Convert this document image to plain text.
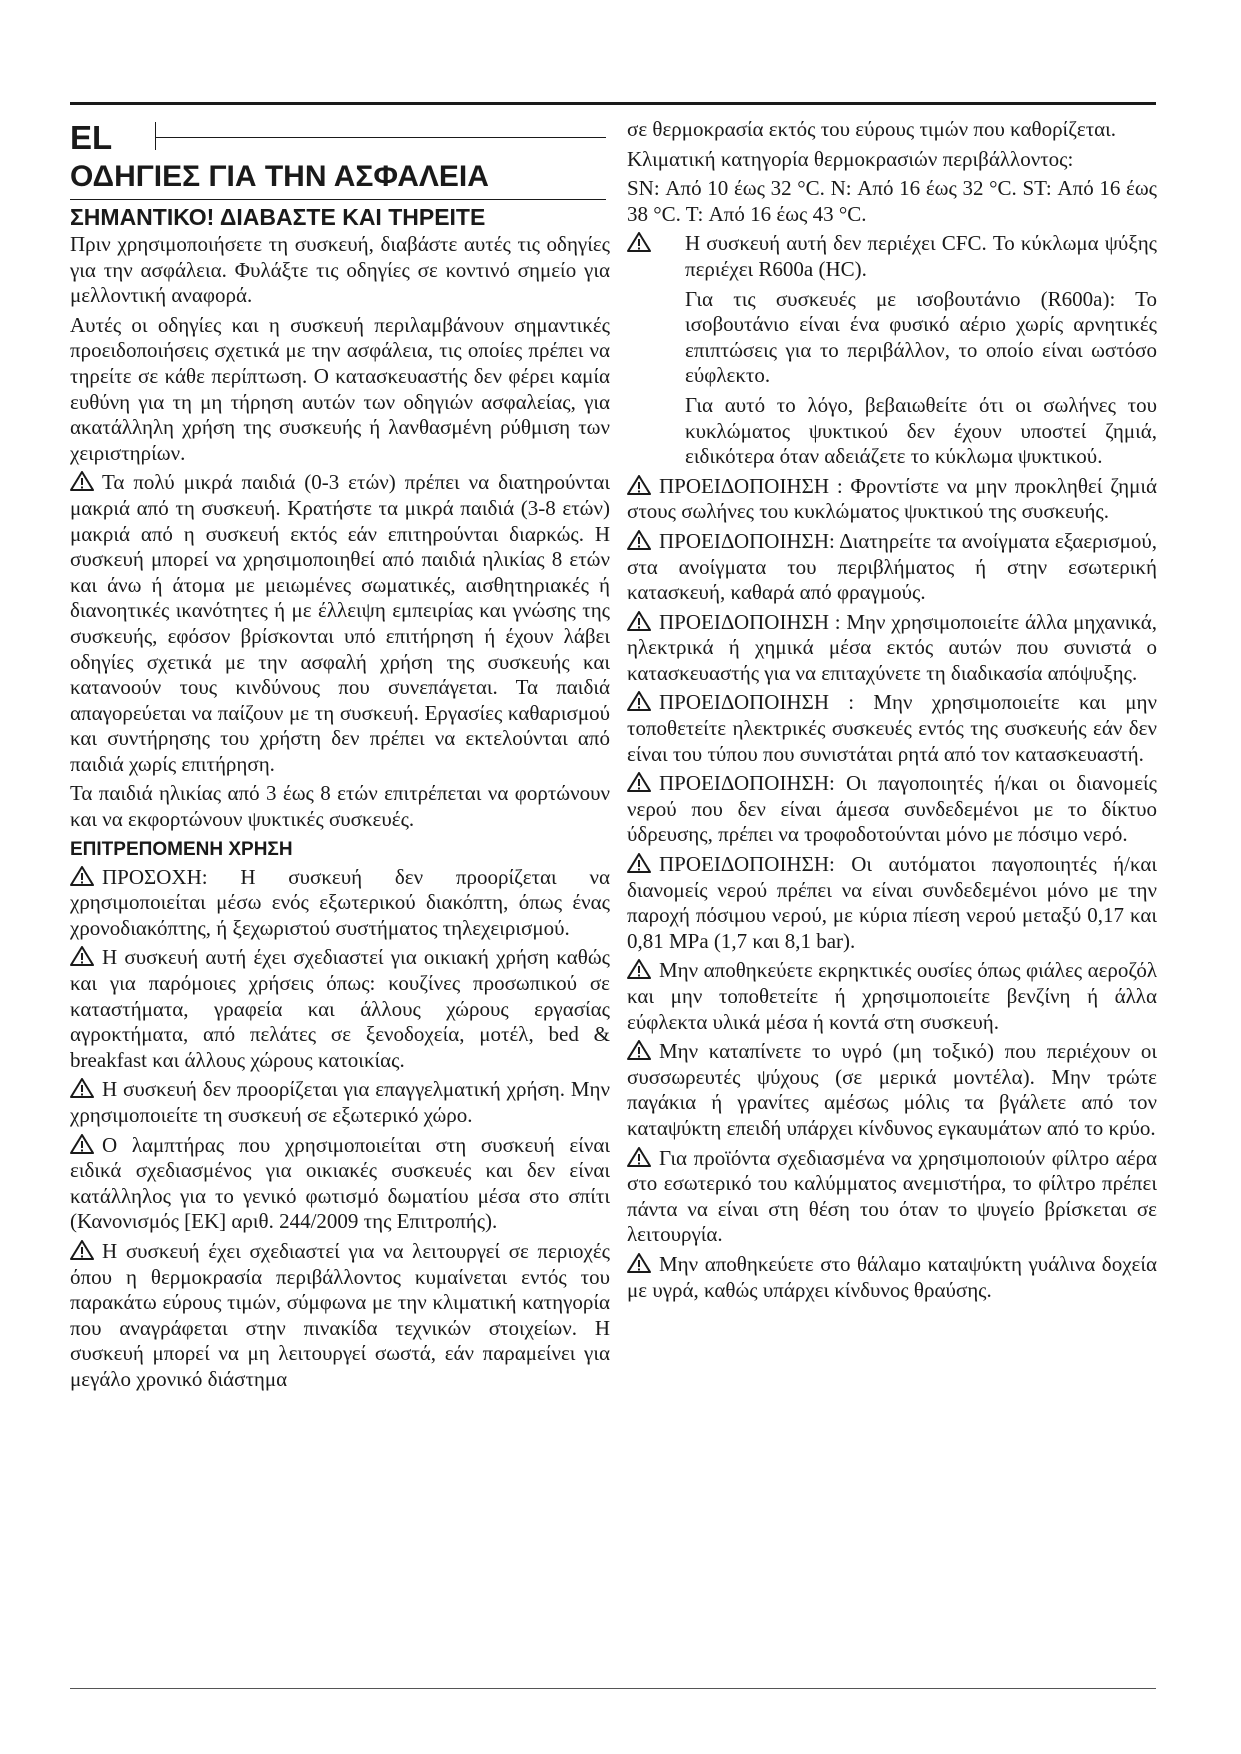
EL
ΟΔΗΓΙΕΣ ΓΙΑ ΤΗΝ ΑΣΦΑΛΕΙΑ
ΣΗΜΑΝΤΙΚΟ! ΔΙΑΒΑΣΤΕ ΚΑΙ ΤΗΡΕΙΤΕ

Πριν χρησιμοποιήσετε τη συσκευή, διαβάστε αυτές τις οδηγίες για την ασφάλεια. Φυλάξτε τις οδηγίες σε κοντινό σημείο για μελλοντική αναφορά.

Αυτές οι οδηγίες και η συσκευή περιλαμβάνουν σημαντικές προειδοποιήσεις σχετικά με την ασφάλεια, τις οποίες πρέπει να τηρείτε σε κάθε περίπτωση. Ο κατασκευαστής δεν φέρει καμία ευθύνη για τη μη τήρηση αυτών των οδηγιών ασφαλείας, για ακατάλληλη χρήση της συσκευής ή λανθασμένη ρύθμιση των χειριστηρίων.

Τα πολύ μικρά παιδιά (0-3 ετών) πρέπει να διατηρούνται μακριά από τη συσκευή. Κρατήστε τα μικρά παιδιά (3-8 ετών) μακριά από η συσκευή εκτός εάν επιτηρούνται διαρκώς. Η συσκευή μπορεί να χρησιμοποιηθεί από παιδιά ηλικίας 8 ετών και άνω ή άτομα με μειωμένες σωματικές, αισθητηριακές ή διανοητικές ικανότητες ή με έλλειψη εμπειρίας και γνώσης της συσκευής, εφόσον βρίσκονται υπό επιτήρηση ή έχουν λάβει οδηγίες σχετικά με την ασφαλή χρήση της συσκευής και κατανοούν τους κινδύνους που συνεπάγεται. Τα παιδιά απαγορεύεται να παίζουν με τη συσκευή. Εργασίες καθαρισμού και συντήρησης του χρήστη δεν πρέπει να εκτελούνται από παιδιά χωρίς επιτήρηση.

Τα παιδιά ηλικίας από 3 έως 8 ετών επιτρέπεται να φορτώνουν και να εκφορτώνουν ψυκτικές συσκευές.

ΕΠΙΤΡΕΠΟΜΕΝΗ ΧΡΗΣΗ

ΠΡΟΣΟΧΗ: Η συσκευή δεν προορίζεται να χρησιμοποιείται μέσω ενός εξωτερικού διακόπτη, όπως ένας χρονοδιακόπτης, ή ξεχωριστού συστήματος τηλεχειρισμού.

Η συσκευή αυτή έχει σχεδιαστεί για οικιακή χρήση καθώς και για παρόμοιες χρήσεις όπως: κουζίνες προσωπικού σε καταστήματα, γραφεία και άλλους χώρους εργασίας αγροκτήματα, από πελάτες σε ξενοδοχεία, μοτέλ, bed & breakfast και άλλους χώρους κατοικίας.

Η συσκευή δεν προορίζεται για επαγγελματική χρήση. Μην χρησιμοποιείτε τη συσκευή σε εξωτερικό χώρο.

Ο λαμπτήρας που χρησιμοποιείται στη συσκευή είναι ειδικά σχεδιασμένος για οικιακές συσκευές και δεν είναι κατάλληλος για το γενικό φωτισμό δωματίου μέσα στο σπίτι (Κανονισμός [ΕΚ] αριθ. 244/2009 της Επιτροπής).

Η συσκευή έχει σχεδιαστεί για να λειτουργεί σε περιοχές όπου η θερμοκρασία περιβάλλοντος κυμαίνεται εντός του παρακάτω εύρους τιμών, σύμφωνα με την κλιματική κατηγορία που αναγράφεται στην πινακίδα τεχνικών στοιχείων. Η συσκευή μπορεί να μη λειτουργεί σωστά, εάν παραμείνει για μεγάλο χρονικό διάστημα

σε θερμοκρασία εκτός του εύρους τιμών που καθορίζεται.

Κλιματική κατηγορία θερμοκρασιών περιβάλλοντος:

SN: Από 10 έως 32 °C. N: Από 16 έως 32 °C. ST: Από 16 έως 38 °C. T: Από 16 έως 43 °C.

Η συσκευή αυτή δεν περιέχει CFC. Το κύκλωμα ψύξης περιέχει R600a (HC).

Για τις συσκευές με ισοβουτάνιο (R600a): Το ισοβουτάνιο είναι ένα φυσικό αέριο χωρίς αρνητικές επιπτώσεις για το περιβάλλον, το οποίο είναι ωστόσο εύφλεκτο.

Για αυτό το λόγο, βεβαιωθείτε ότι οι σωλήνες του κυκλώματος ψυκτικού δεν έχουν υποστεί ζημιά, ειδικότερα όταν αδειάζετε το κύκλωμα ψυκτικού.

ΠΡΟΕΙΔΟΠΟΙΗΣΗ : Φροντίστε να μην προκληθεί ζημιά στους σωλήνες του κυκλώματος ψυκτικού της συσκευής.

ΠΡΟΕΙΔΟΠΟΙΗΣΗ: Διατηρείτε τα ανοίγματα εξαερισμού, στα ανοίγματα του περιβλήματος ή στην εσωτερική κατασκευή, καθαρά από φραγμούς.

ΠΡΟΕΙΔΟΠΟΙΗΣΗ : Μην χρησιμοποιείτε άλλα μηχανικά, ηλεκτρικά ή χημικά μέσα εκτός αυτών που συνιστά ο κατασκευαστής για να επιταχύνετε τη διαδικασία απόψυξης.

ΠΡΟΕΙΔΟΠΟΙΗΣΗ : Μην χρησιμοποιείτε και μην τοποθετείτε ηλεκτρικές συσκευές εντός της συσκευής εάν δεν είναι του τύπου που συνιστάται ρητά από τον κατασκευαστή.

ΠΡΟΕΙΔΟΠΟΙΗΣΗ: Οι παγοποιητές ή/και οι διανομείς νερού που δεν είναι άμεσα συνδεδεμένοι με το δίκτυο ύδρευσης, πρέπει να τροφοδοτούνται μόνο με πόσιμο νερό.

ΠΡΟΕΙΔΟΠΟΙΗΣΗ: Οι αυτόματοι παγοποιητές ή/και διανομείς νερού πρέπει να είναι συνδεδεμένοι μόνο με την παροχή πόσιμου νερού, με κύρια πίεση νερού μεταξύ 0,17 και 0,81 MPa (1,7 και 8,1 bar).

Μην αποθηκεύετε εκρηκτικές ουσίες όπως φιάλες αεροζόλ και μην τοποθετείτε ή χρησιμοποιείτε βενζίνη ή άλλα εύφλεκτα υλικά μέσα ή κοντά στη συσκευή.

Μην καταπίνετε το υγρό (μη τοξικό) που περιέχουν οι συσσωρευτές ψύχους (σε μερικά μοντέλα). Μην τρώτε παγάκια ή γρανίτες αμέσως μόλις τα βγάλετε από τον καταψύκτη επειδή υπάρχει κίνδυνος εγκαυμάτων από το κρύο.

Για προϊόντα σχεδιασμένα να χρησιμοποιούν φίλτρο αέρα στο εσωτερικό του καλύμματος ανεμιστήρα, το φίλτρο πρέπει πάντα να είναι στη θέση του όταν το ψυγείο βρίσκεται σε λειτουργία.

Μην αποθηκεύετε στο θάλαμο καταψύκτη γυάλινα δοχεία με υγρά, καθώς υπάρχει κίνδυνος θραύσης.
